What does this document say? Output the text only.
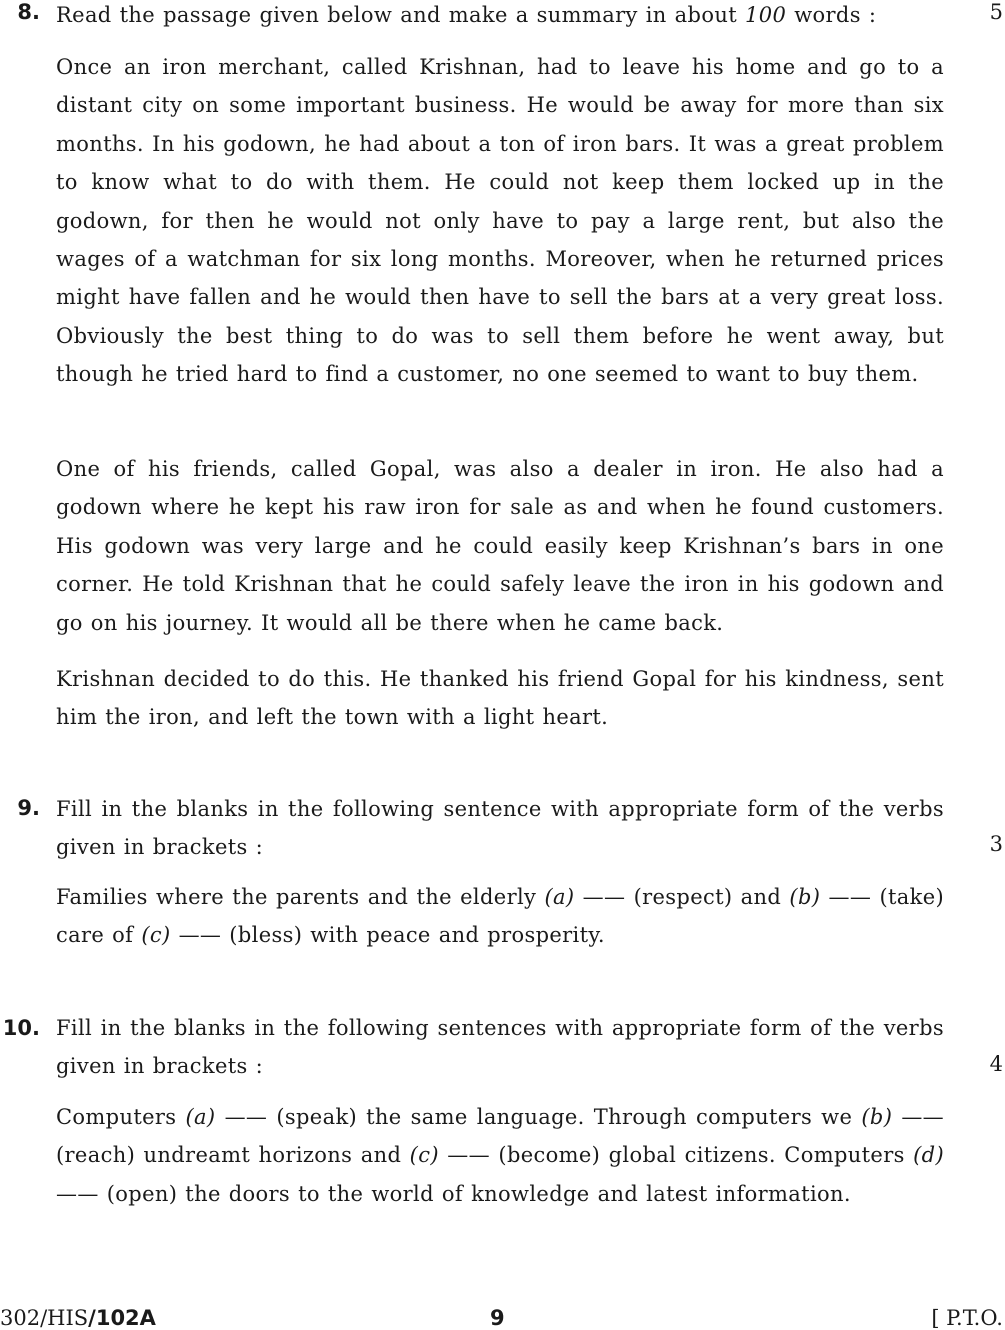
8. Read the passage given below and make a summary in about 100 words :	5

Once an iron merchant, called Krishnan, had to leave his home and go to a distant city on some important business. He would be away for more than six months. In his godown, he had about a ton of iron bars. It was a great problem to know what to do with them. He could not keep them locked up in the godown, for then he would not only have to pay a large rent, but also the wages of a watchman for six long months. Moreover, when he returned prices might have fallen and he would then have to sell the bars at a very great loss. Obviously the best thing to do was to sell them before he went away, but though he tried hard to find a customer, no one seemed to want to buy them.

One of his friends, called Gopal, was also a dealer in iron. He also had a godown where he kept his raw iron for sale as and when he found customers. His godown was very large and he could easily keep Krishnan’s bars in one corner. He told Krishnan that he could safely leave the iron in his godown and go on his journey. It would all be there when he came back.

Krishnan decided to do this. He thanked his friend Gopal for his kindness, sent him the iron, and left the town with a light heart.

9. Fill in the blanks in the following sentence with appropriate form of the verbs given in brackets :	3

Families where the parents and the elderly (a) —— (respect) and (b) —— (take) care of (c) —— (bless) with peace and prosperity.

10. Fill in the blanks in the following sentences with appropriate form of the verbs given in brackets :	4

Computers (a) —— (speak) the same language. Through computers we (b) —— (reach) undreamt horizons and (c) —— (become) global citizens. Computers (d) —— (open) the doors to the world of knowledge and latest information.

302/HIS/102A	9	[ P.T.O.
